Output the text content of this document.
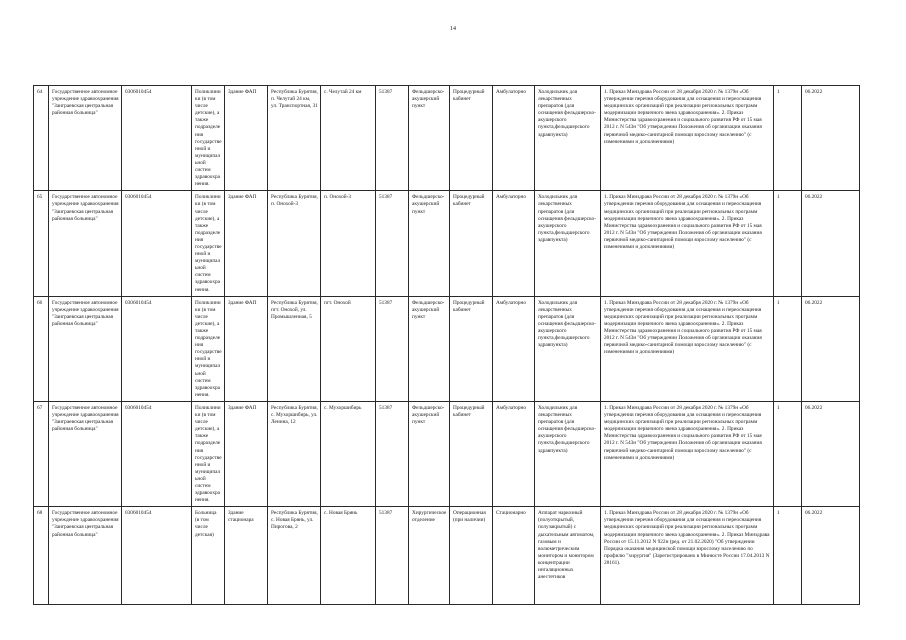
14
64	Государственное автономное учреждение здравоохранения "Заиграевская центральная районная больница"	0306010454	Поликлиники (в том числе детские), а также подразделения государственной и муниципальной систем здравоохранения.	Здание ФАП	Республика Бурятия, п. Челутай 24 км, ул. Транспортная, 31	с. Челутай 24 км	51387	Фельдшерско-акушерский пункт	Процедурный кабинет	Амбулаторно	Холодильник для лекарственных препаратов (для оснащения фельдшерско-акушерского пункта,фельдшерского здравпункта)	1. Приказ Минздрава России от 28 декабря 2020 г. № 1379н «Об утверждении перечня оборудования для оснащения и переоснащения медицинских организаций при реализации региональных программ модернизации первичного звена здравоохранения». 2. Приказ Министерства здравоохранения и социального развития РФ от 15 мая 2012 г. N 543н "Об утверждении Положения об организации оказания первичной медико-санитарной помощи взрослому населению" (с изменениями и дополнениями)	1	06.2022
65	Государственное автономное учреждение здравоохранения "Заиграевская центральная районная больница"	0306010454	Поликлиники (в том числе детские), а также подразделения государственной и муниципальной систем здравоохранения.	Здание ФАП	Республика Бурятия, п. Онохой-3	п. Онохой-3	51387	Фельдшерско-акушерский пункт	Процедурный кабинет	Амбулаторно	Холодильник для лекарственных препаратов (для оснащения фельдшерско-акушерского пункта,фельдшерского здравпункта)	1. Приказ Минздрава России от 28 декабря 2020 г. № 1379н «Об утверждении перечня оборудования для оснащения и переоснащения медицинских организаций при реализации региональных программ модернизации первичного звена здравоохранения». 2. Приказ Министерства здравоохранения и социального развития РФ от 15 мая 2012 г. N 543н "Об утверждении Положения об организации оказания первичной медико-санитарной помощи взрослому населению" (с изменениями и дополнениями)	1	06.2022
66	Государственное автономное учреждение здравоохранения "Заиграевская центральная районная больница"	0306010454	Поликлиники (в том числе детские), а также подразделения государственной и муниципальной систем здравоохранения.	Здание ФАП	Республика Бурятия, пгт. Онохой, ул. Промышленная, 5	пгт. Онохой	51387	Фельдшерско-акушерский пункт	Процедурный кабинет	Амбулаторно	Холодильник для лекарственных препаратов (для оснащения фельдшерско-акушерского пункта,фельдшерского здравпункта)	1. Приказ Минздрава России от 28 декабря 2020 г. № 1379н «Об утверждении перечня оборудования для оснащения и переоснащения медицинских организаций при реализации региональных программ модернизации первичного звена здравоохранения». 2. Приказ Министерства здравоохранения и социального развития РФ от 15 мая 2012 г. N 543н "Об утверждении Положения об организации оказания первичной медико-санитарной помощи взрослому населению" (с изменениями и дополнениями)	1	06.2022
67	Государственное автономное учреждение здравоохранения "Заиграевская центральная районная больница"	0306010454	Поликлиники (в том числе детские), а также подразделения государственной и муниципальной систем здравоохранения.	Здание ФАП	Республика Бурятия, с. Мухоршибирь, ул. Ленина, 12	с. Мухоршибирь	51387	Фельдшерско-акушерский пункт	Процедурный кабинет	Амбулаторно	Холодильник для лекарственных препаратов (для оснащения фельдшерско-акушерского пункта,фельдшерского здравпункта)	1. Приказ Минздрава России от 28 декабря 2020 г. № 1379н «Об утверждении перечня оборудования для оснащения и переоснащения медицинских организаций при реализации региональных программ модернизации первичного звена здравоохранения». 2. Приказ Министерства здравоохранения и социального развития РФ от 15 мая 2012 г. N 543н "Об утверждении Положения об организации оказания первичной медико-санитарной помощи взрослому населению" (с изменениями и дополнениями)	1	06.2022
68	Государственное автономное учреждение здравоохранения "Заиграевская центральная районная больница"	0306010454	Больница (в том числе детская)	Здание стационара	Республика Бурятия, с. Новая Брянь, ул. Пирогова, 2	с. Новая Брянь	51387	Хирургическое отделение	Операционная (при наличии)	Стационарно	Аппарат наркозный (полуоткрытый, полузакрытый) с дыхательным автоматом, газовым и волюметрическим монитором и монитором концентрации ингаляционных анестетиков	1. Приказ Минздрава России от 28 декабря 2020 г. № 1379н «Об утверждении перечня оборудования для оснащения и переоснащения медицинских организаций при реализации региональных программ модернизации первичного звена здравоохранения». 2. Приказ Минздрава России от 15.11.2012 N 922н (ред. от 21.02.2020) "Об утверждении Порядка оказания медицинской помощи взрослому населению по профилю "хирургия" (Зарегистрировано в Минюсте России 17.04.2013 N 28161).	1	06.2022
